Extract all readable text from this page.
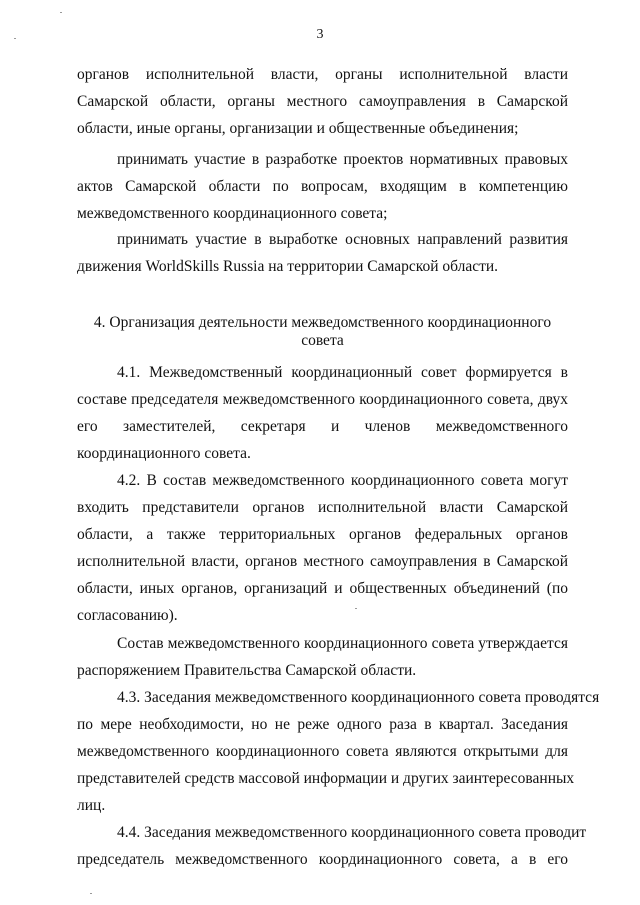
3
органов исполнительной власти, органы исполнительной власти
Самарской области, органы местного самоуправления в Самарской
области, иные органы, организации и общественные объединения;
принимать участие в разработке проектов нормативных правовых
актов Самарской области по вопросам, входящим в компетенцию
межведомственного координационного совета;
принимать участие в выработке основных направлений развития
движения WorldSkills Russia на территории Самарской области.
4. Организация деятельности межведомственного координационного
совета
4.1. Межведомственный координационный совет формируется в
составе председателя межведомственного координационного совета, двух
его заместителей, секретаря и членов межведомственного
координационного совета.
4.2. В состав межведомственного координационного совета могут
входить представители органов исполнительной власти Самарской
области, а также территориальных органов федеральных органов
исполнительной власти, органов местного самоуправления в Самарской
области, иных органов, организаций и общественных объединений (по
согласованию).
Состав межведомственного координационного совета утверждается
распоряжением Правительства Самарской области.
4.3. Заседания межведомственного координационного совета проводятся
по мере необходимости, но не реже одного раза в квартал. Заседания
межведомственного координационного совета являются открытыми для
представителей средств массовой информации и других заинтересованных
лиц.
4.4. Заседания межведомственного координационного совета проводит
председатель межведомственного координационного совета, а в его
